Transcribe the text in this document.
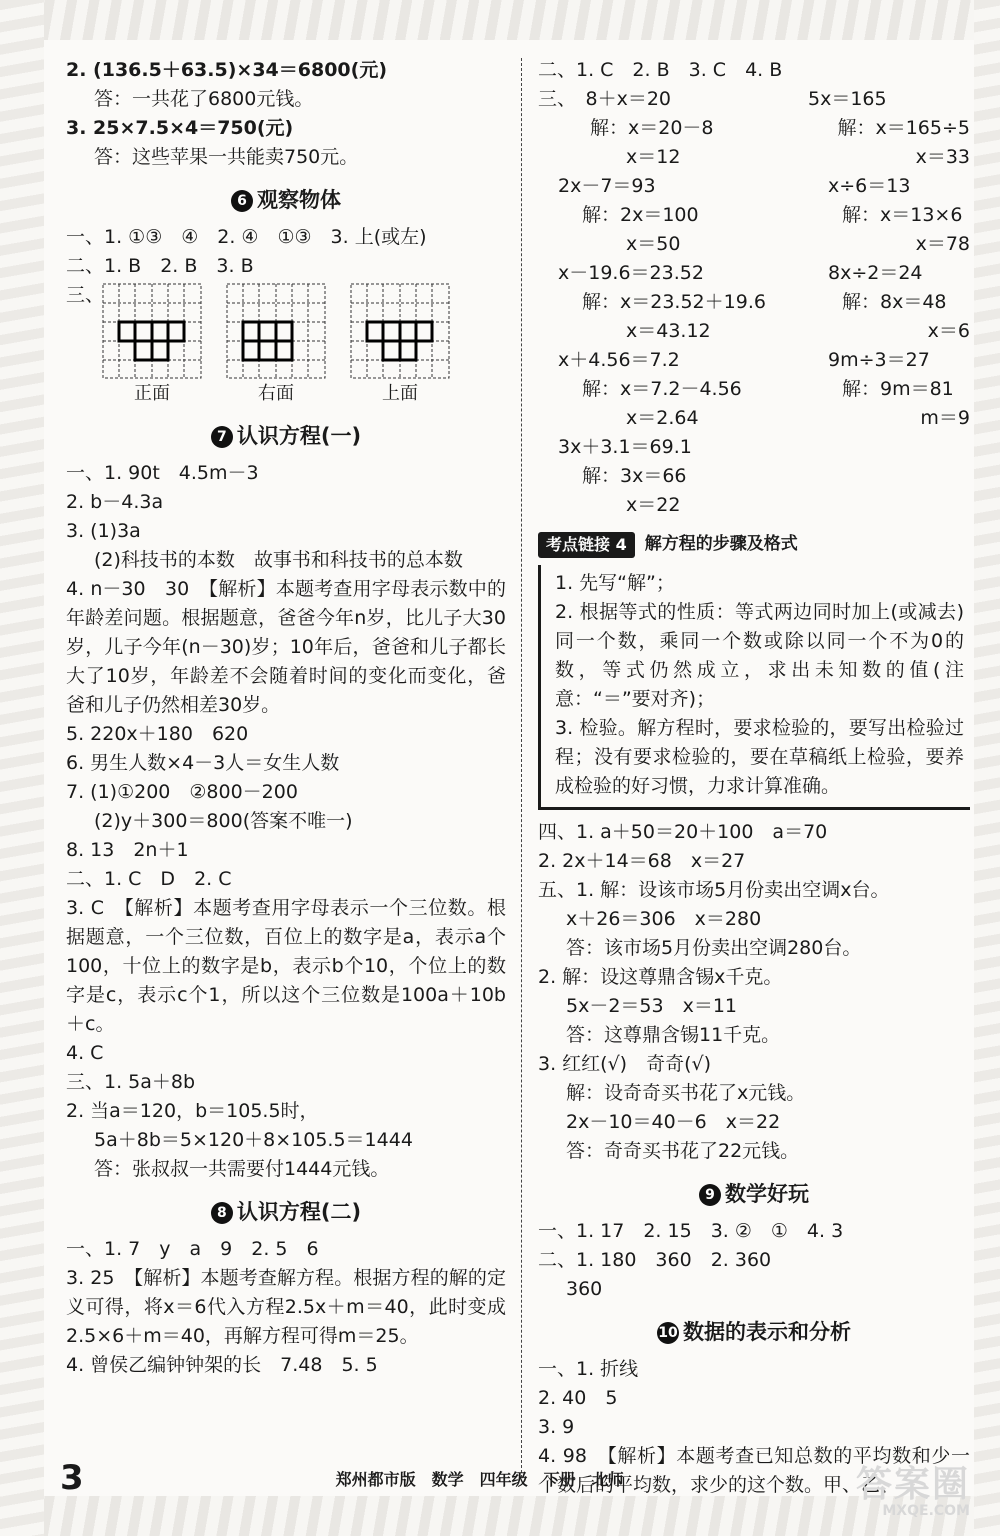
2. (136.5＋63.5)×34＝6800(元)
答：一共花了6800元钱。
3. 25×7.5×4＝750(元)
答：这些苹果一共能卖750元。
6 观察物体
一、1. ①③　④　2. ④　①③　3. 上(或左)
二、1. B　2. B　3. B
三、
正面	右面	上面
7 认识方程(一)
一、1. 90t　4.5m－3
2. b－4.3a
3. (1)3a
(2)科技书的本数　故事书和科技书的总本数
4. n－30　30　【解析】本题考查用字母表示数中的年龄差问题。根据题意，爸爸今年n岁，比儿子大30岁，儿子今年(n－30)岁；10年后，爸爸和儿子都长大了10岁，年龄差不会随着时间的变化而变化，爸爸和儿子仍然相差30岁。
5. 220x＋180　620
6. 男生人数×4－3人＝女生人数
7. (1)①200　②800－200
(2)y＋300＝800(答案不唯一)
8. 13　2n＋1
二、1. C　D　2. C
3. C　【解析】本题考查用字母表示一个三位数。根据题意，一个三位数，百位上的数字是a，表示a个100，十位上的数字是b，表示b个10，个位上的数字是c，表示c个1，所以这个三位数是100a＋10b＋c。
4. C
三、1. 5a＋8b
2. 当a＝120，b＝105.5时，
5a＋8b＝5×120＋8×105.5＝1444
答：张叔叔一共需要付1444元钱。
8 认识方程(二)
一、1. 7　y　a　9　2. 5　6
3. 25　【解析】本题考查解方程。根据方程的解的定义可得，将x＝6代入方程2.5x＋m＝40，此时变成2.5×6＋m＝40，再解方程可得m＝25。
4. 曾侯乙编钟钟架的长　7.48　5. 5
二、1. C　2. B　3. C　4. B
三、　8＋x＝20	5x＝165
解：x＝20－8	解：x＝165÷5
x＝12	x＝33
2x－7＝93	x÷6＝13
解：2x＝100	解：x＝13×6
x＝50	x＝78
x－19.6＝23.52	8x÷2＝24
解：x＝23.52＋19.6	解：8x＝48
x＝43.12	x＝6
x＋4.56＝7.2	9m÷3＝27
解：x＝7.2－4.56	解：9m＝81
x＝2.64	m＝9
3x＋3.1＝69.1
解：3x＝66
x＝22
考点链接 4	解方程的步骤及格式
1. 先写“解”；
2. 根据等式的性质：等式两边同时加上(或减去)同一个数，乘同一个数或除以同一个不为0的数，等式仍然成立，求出未知数的值(注意：“＝”要对齐)；
3. 检验。解方程时，要求检验的，要写出检验过程；没有要求检验的，要在草稿纸上检验，要养成检验的好习惯，力求计算准确。
四、1. a＋50＝20＋100　a＝70
2. 2x＋14＝68　x＝27
五、1. 解：设该市场5月份卖出空调x台。
x＋26＝306　x＝280
答：该市场5月份卖出空调280台。
2. 解：设这尊鼎含锡x千克。
5x－2＝53　x＝11
答：这尊鼎含锡11千克。
3. 红红(√)　奇奇(√)
解：设奇奇买书花了x元钱。
2x－10＝40－6　x＝22
答：奇奇买书花了22元钱。
9 数学好玩
一、1. 17　2. 15　3. ②　①　4. 3
二、1. 180　360　2. 360
360
10 数据的表示和分析
一、1. 折线
2. 40　5
3. 9
4. 98　【解析】本题考查已知总数的平均数和少一个数后的平均数，求少的这个数。甲、乙、
3	郑州都市版　数学　四年级　下册　北师	答案圈
MXQE.COM
